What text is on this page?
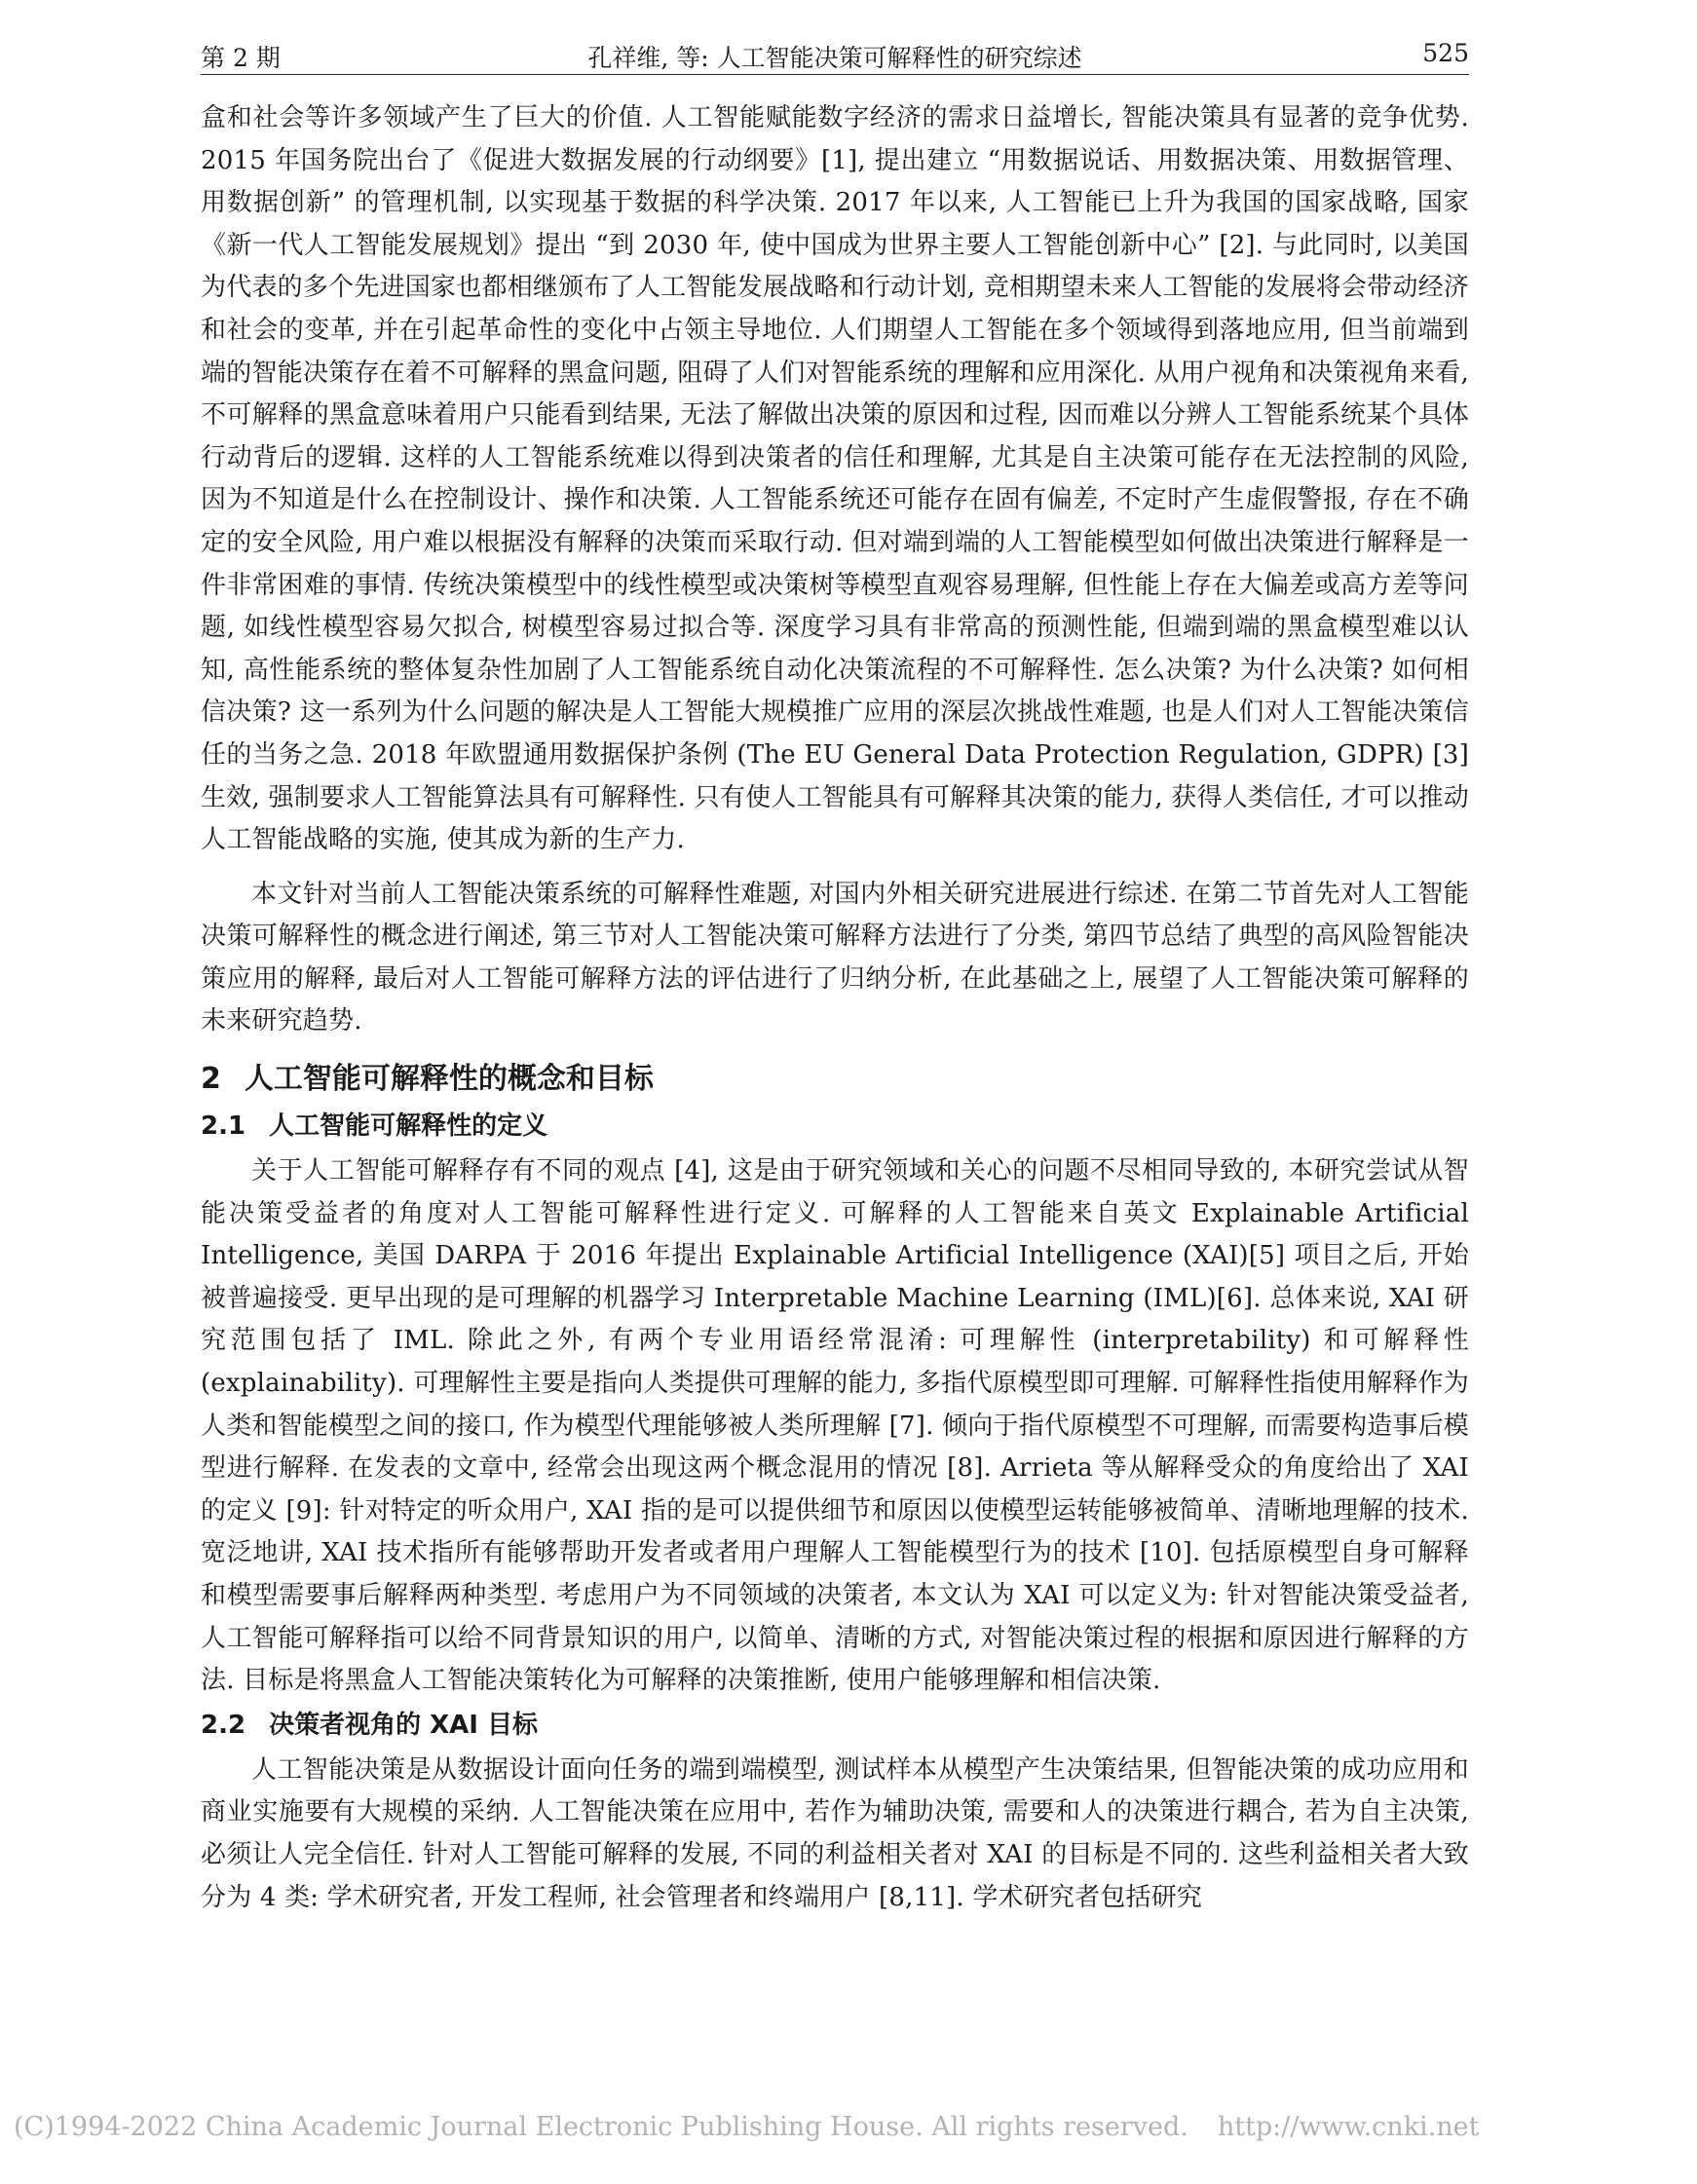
第 2 期	孔祥维, 等: 人工智能决策可解释性的研究综述	525

盒和社会等许多领域产生了巨大的价值. 人工智能赋能数字经济的需求日益增长, 智能决策具有显著的竞争优势. 2015 年国务院出台了《促进大数据发展的行动纲要》[1], 提出建立 “用数据说话、用数据决策、用数据管理、用数据创新” 的管理机制, 以实现基于数据的科学决策. 2017 年以来, 人工智能已上升为我国的国家战略, 国家《新一代人工智能发展规划》提出 “到 2030 年, 使中国成为世界主要人工智能创新中心” [2]. 与此同时, 以美国为代表的多个先进国家也都相继颁布了人工智能发展战略和行动计划, 竞相期望未来人工智能的发展将会带动经济和社会的变革, 并在引起革命性的变化中占领主导地位. 人们期望人工智能在多个领域得到落地应用, 但当前端到端的智能决策存在着不可解释的黑盒问题, 阻碍了人们对智能系统的理解和应用深化. 从用户视角和决策视角来看, 不可解释的黑盒意味着用户只能看到结果, 无法了解做出决策的原因和过程, 因而难以分辨人工智能系统某个具体行动背后的逻辑. 这样的人工智能系统难以得到决策者的信任和理解, 尤其是自主决策可能存在无法控制的风险, 因为不知道是什么在控制设计、操作和决策. 人工智能系统还可能存在固有偏差, 不定时产生虚假警报, 存在不确定的安全风险, 用户难以根据没有解释的决策而采取行动. 但对端到端的人工智能模型如何做出决策进行解释是一件非常困难的事情. 传统决策模型中的线性模型或决策树等模型直观容易理解, 但性能上存在大偏差或高方差等问题, 如线性模型容易欠拟合, 树模型容易过拟合等. 深度学习具有非常高的预测性能, 但端到端的黑盒模型难以认知, 高性能系统的整体复杂性加剧了人工智能系统自动化决策流程的不可解释性. 怎么决策? 为什么决策? 如何相信决策? 这一系列为什么问题的解决是人工智能大规模推广应用的深层次挑战性难题, 也是人们对人工智能决策信任的当务之急. 2018 年欧盟通用数据保护条例 (The EU General Data Protection Regulation, GDPR) [3] 生效, 强制要求人工智能算法具有可解释性. 只有使人工智能具有可解释其决策的能力, 获得人类信任, 才可以推动人工智能战略的实施, 使其成为新的生产力.

本文针对当前人工智能决策系统的可解释性难题, 对国内外相关研究进展进行综述. 在第二节首先对人工智能决策可解释性的概念进行阐述, 第三节对人工智能决策可解释方法进行了分类, 第四节总结了典型的高风险智能决策应用的解释, 最后对人工智能可解释方法的评估进行了归纳分析, 在此基础之上, 展望了人工智能决策可解释的未来研究趋势.

2 人工智能可解释性的概念和目标
2.1 人工智能可解释性的定义

关于人工智能可解释存有不同的观点 [4], 这是由于研究领域和关心的问题不尽相同导致的, 本研究尝试从智能决策受益者的角度对人工智能可解释性进行定义. 可解释的人工智能来自英文 Explainable Artificial Intelligence, 美国 DARPA 于 2016 年提出 Explainable Artificial Intelligence (XAI)[5] 项目之后, 开始被普遍接受. 更早出现的是可理解的机器学习 Interpretable Machine Learning (IML)[6]. 总体来说, XAI 研究范围包括了 IML. 除此之外, 有两个专业用语经常混淆: 可理解性 (interpretability) 和可解释性 (explainability). 可理解性主要是指向人类提供可理解的能力, 多指代原模型即可理解. 可解释性指使用解释作为人类和智能模型之间的接口, 作为模型代理能够被人类所理解 [7]. 倾向于指代原模型不可理解, 而需要构造事后模型进行解释. 在发表的文章中, 经常会出现这两个概念混用的情况 [8]. Arrieta 等从解释受众的角度给出了 XAI 的定义 [9]: 针对特定的听众用户, XAI 指的是可以提供细节和原因以使模型运转能够被简单、清晰地理解的技术. 宽泛地讲, XAI 技术指所有能够帮助开发者或者用户理解人工智能模型行为的技术 [10]. 包括原模型自身可解释和模型需要事后解释两种类型. 考虑用户为不同领域的决策者, 本文认为 XAI 可以定义为: 针对智能决策受益者, 人工智能可解释指可以给不同背景知识的用户, 以简单、清晰的方式, 对智能决策过程的根据和原因进行解释的方法. 目标是将黑盒人工智能决策转化为可解释的决策推断, 使用户能够理解和相信决策.

2.2 决策者视角的 XAI 目标

人工智能决策是从数据设计面向任务的端到端模型, 测试样本从模型产生决策结果, 但智能决策的成功应用和商业实施要有大规模的采纳. 人工智能决策在应用中, 若作为辅助决策, 需要和人的决策进行耦合, 若为自主决策, 必须让人完全信任. 针对人工智能可解释的发展, 不同的利益相关者对 XAI 的目标是不同的. 这些利益相关者大致分为 4 类: 学术研究者, 开发工程师, 社会管理者和终端用户 [8,11]. 学术研究者包括研究

(C)1994-2022 China Academic Journal Electronic Publishing House. All rights reserved. http://www.cnki.net
